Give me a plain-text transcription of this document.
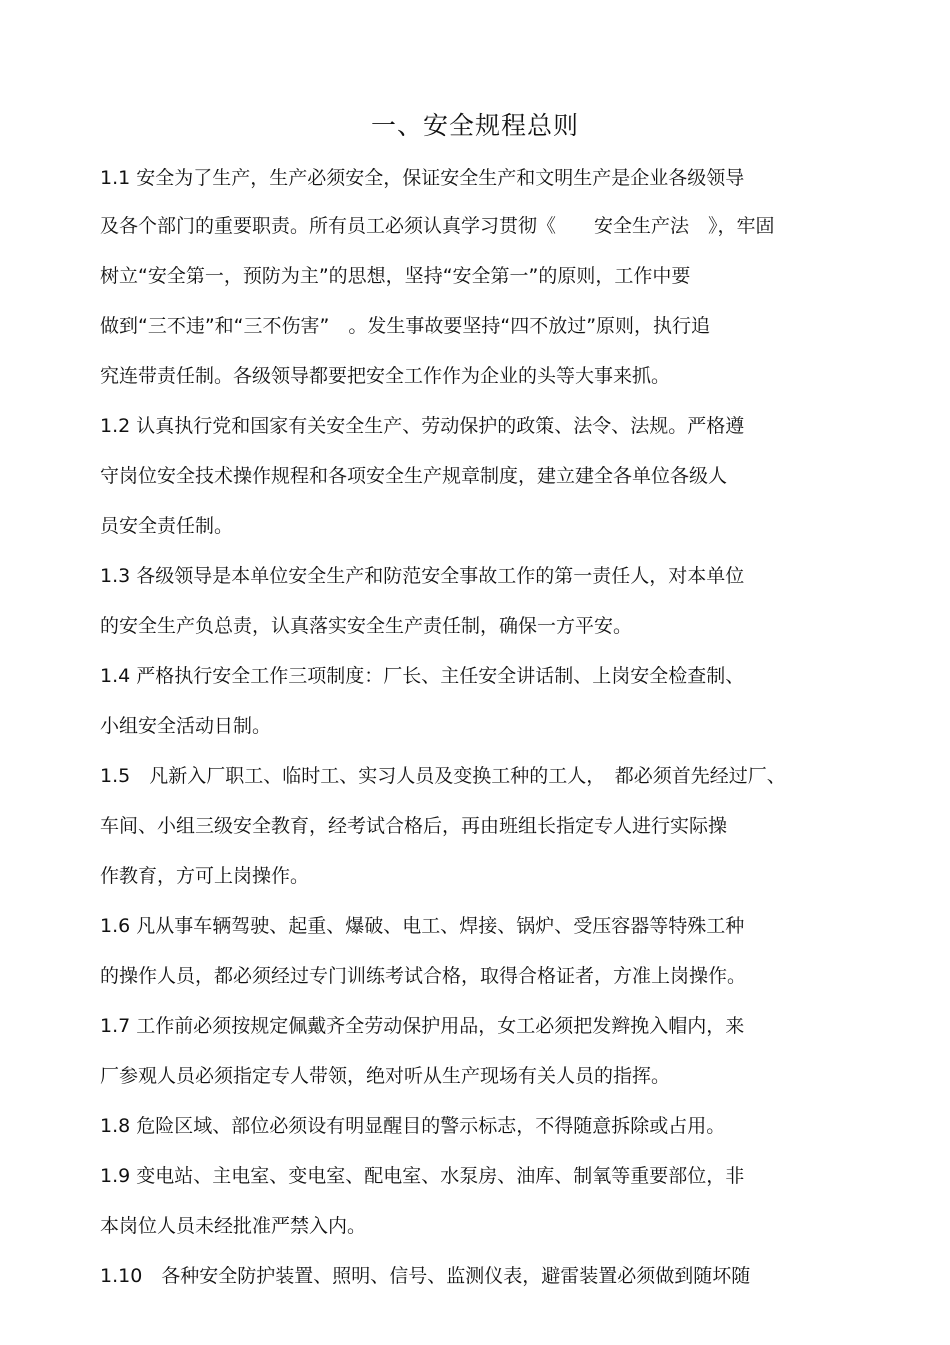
一、安全规程总则
1.1 安全为了生产，生产必须安全，保证安全生产和文明生产是企业各级领导
及各个部门的重要职责。所有员工必须认真学习贯彻《　　安全生产法　》，牢固
树立“安全第一，预防为主”的思想，坚持“安全第一”的原则，工作中要
做到“三不违”和“三不伤害”　。发生事故要坚持“四不放过”原则，执行追
究连带责任制。各级领导都要把安全工作作为企业的头等大事来抓。
1.2 认真执行党和国家有关安全生产、劳动保护的政策、法令、法规。严格遵
守岗位安全技术操作规程和各项安全生产规章制度，建立建全各单位各级人
员安全责任制。
1.3 各级领导是本单位安全生产和防范安全事故工作的第一责任人，对本单位
的安全生产负总责，认真落实安全生产责任制，确保一方平安。
1.4 严格执行安全工作三项制度：厂长、主任安全讲话制、上岗安全检查制、
小组安全活动日制。
1.5　凡新入厂职工、临时工、实习人员及变换工种的工人，　都必须首先经过厂、
车间、小组三级安全教育，经考试合格后，再由班组长指定专人进行实际操
作教育，方可上岗操作。
1.6 凡从事车辆驾驶、起重、爆破、电工、焊接、锅炉、受压容器等特殊工种
的操作人员，都必须经过专门训练考试合格，取得合格证者，方准上岗操作。
1.7 工作前必须按规定佩戴齐全劳动保护用品，女工必须把发辫挽入帽内，来
厂参观人员必须指定专人带领，绝对听从生产现场有关人员的指挥。
1.8 危险区域、部位必须设有明显醒目的警示标志，不得随意拆除或占用。
1.9 变电站、主电室、变电室、配电室、水泵房、油库、制氧等重要部位，非
本岗位人员未经批准严禁入内。
1.10　各种安全防护装置、照明、信号、监测仪表，避雷装置必须做到随坏随
